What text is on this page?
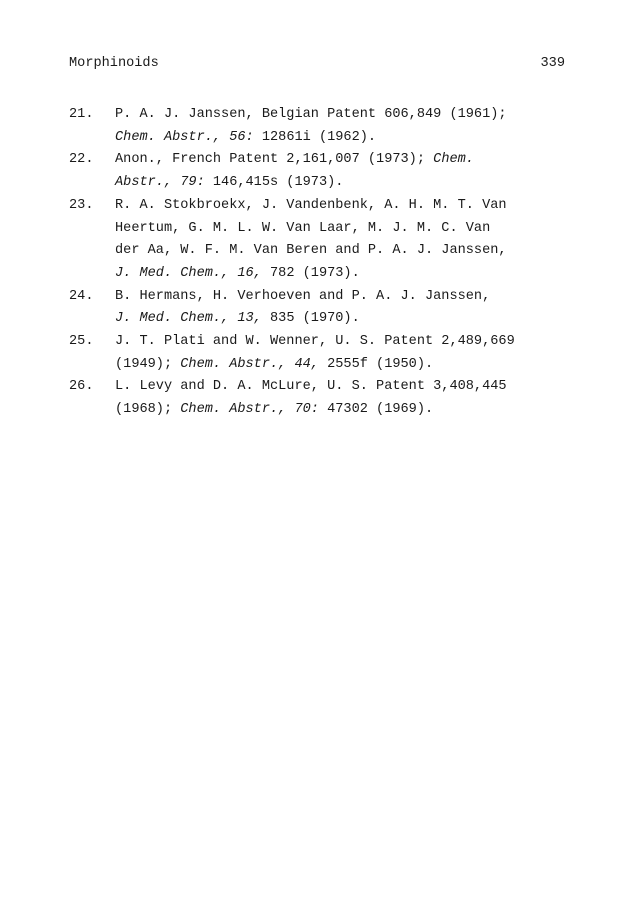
Morphinoids	339
21.	P. A. J. Janssen, Belgian Patent 606,849 (1961);
Chem. Abstr., 56: 12861i (1962).
22.	Anon., French Patent 2,161,007 (1973); Chem.
Abstr., 79: 146,415s (1973).
23.	R. A. Stokbroekx, J. Vandenbenk, A. H. M. T. Van
Heertum, G. M. L. W. Van Laar, M. J. M. C. Van
der Aa, W. F. M. Van Beren and P. A. J. Janssen,
J. Med. Chem., 16, 782 (1973).
24.	B. Hermans, H. Verhoeven and P. A. J. Janssen,
J. Med. Chem., 13, 835 (1970).
25.	J. T. Plati and W. Wenner, U. S. Patent 2,489,669
(1949); Chem. Abstr., 44, 2555f (1950).
26.	L. Levy and D. A. McLure, U. S. Patent 3,408,445
(1968); Chem. Abstr., 70: 47302 (1969).
